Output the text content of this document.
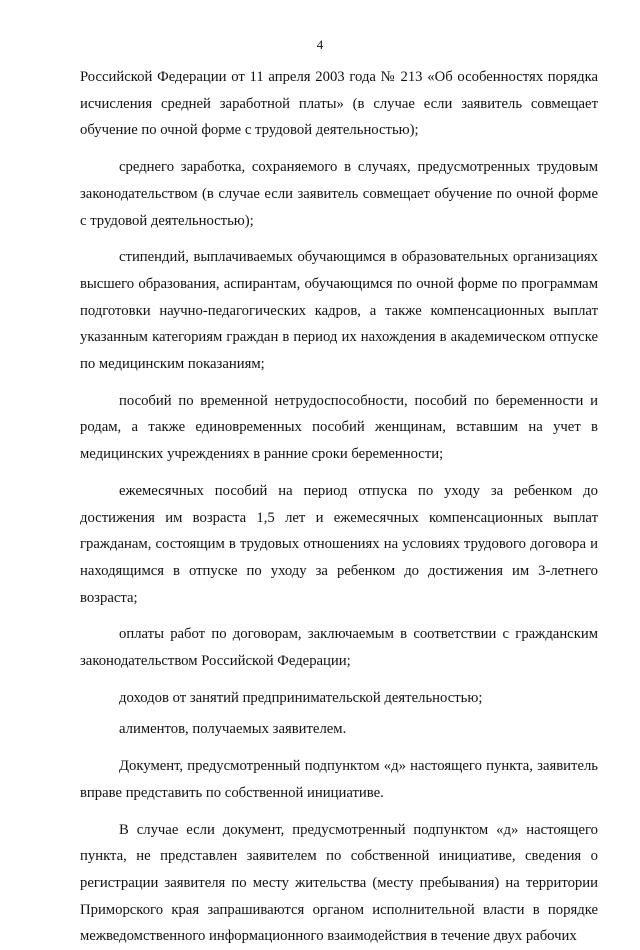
4

Российской Федерации от 11 апреля 2003 года № 213 «Об особенностях порядка исчисления средней заработной платы» (в случае если заявитель совмещает обучение по очной форме с трудовой деятельностью);

среднего заработка, сохраняемого в случаях, предусмотренных трудовым законодательством (в случае если заявитель совмещает обучение по очной форме с трудовой деятельностью);

стипендий, выплачиваемых обучающимся в образовательных организациях высшего образования, аспирантам, обучающимся по очной форме по программам подготовки научно-педагогических кадров, а также компенсационных выплат указанным категориям граждан в период их нахождения в академическом отпуске по медицинским показаниям;

пособий по временной нетрудоспособности, пособий по беременности и родам, а также единовременных пособий женщинам, вставшим на учет в медицинских учреждениях в ранние сроки беременности;

ежемесячных пособий на период отпуска по уходу за ребенком до достижения им возраста 1,5 лет и ежемесячных компенсационных выплат гражданам, состоящим в трудовых отношениях на условиях трудового договора и находящимся в отпуске по уходу за ребенком до достижения им 3-летнего возраста;

оплаты работ по договорам, заключаемым в соответствии с гражданским законодательством Российской Федерации;

доходов от занятий предпринимательской деятельностью;

алиментов, получаемых заявителем.

Документ, предусмотренный подпунктом «д» настоящего пункта, заявитель вправе представить по собственной инициативе.

В случае если документ, предусмотренный подпунктом «д» настоящего пункта, не представлен заявителем по собственной инициативе, сведения о регистрации заявителя по месту жительства (месту пребывания) на территории Приморского края запрашиваются органом исполнительной власти в порядке межведомственного информационного взаимодействия в течение двух рабочих
